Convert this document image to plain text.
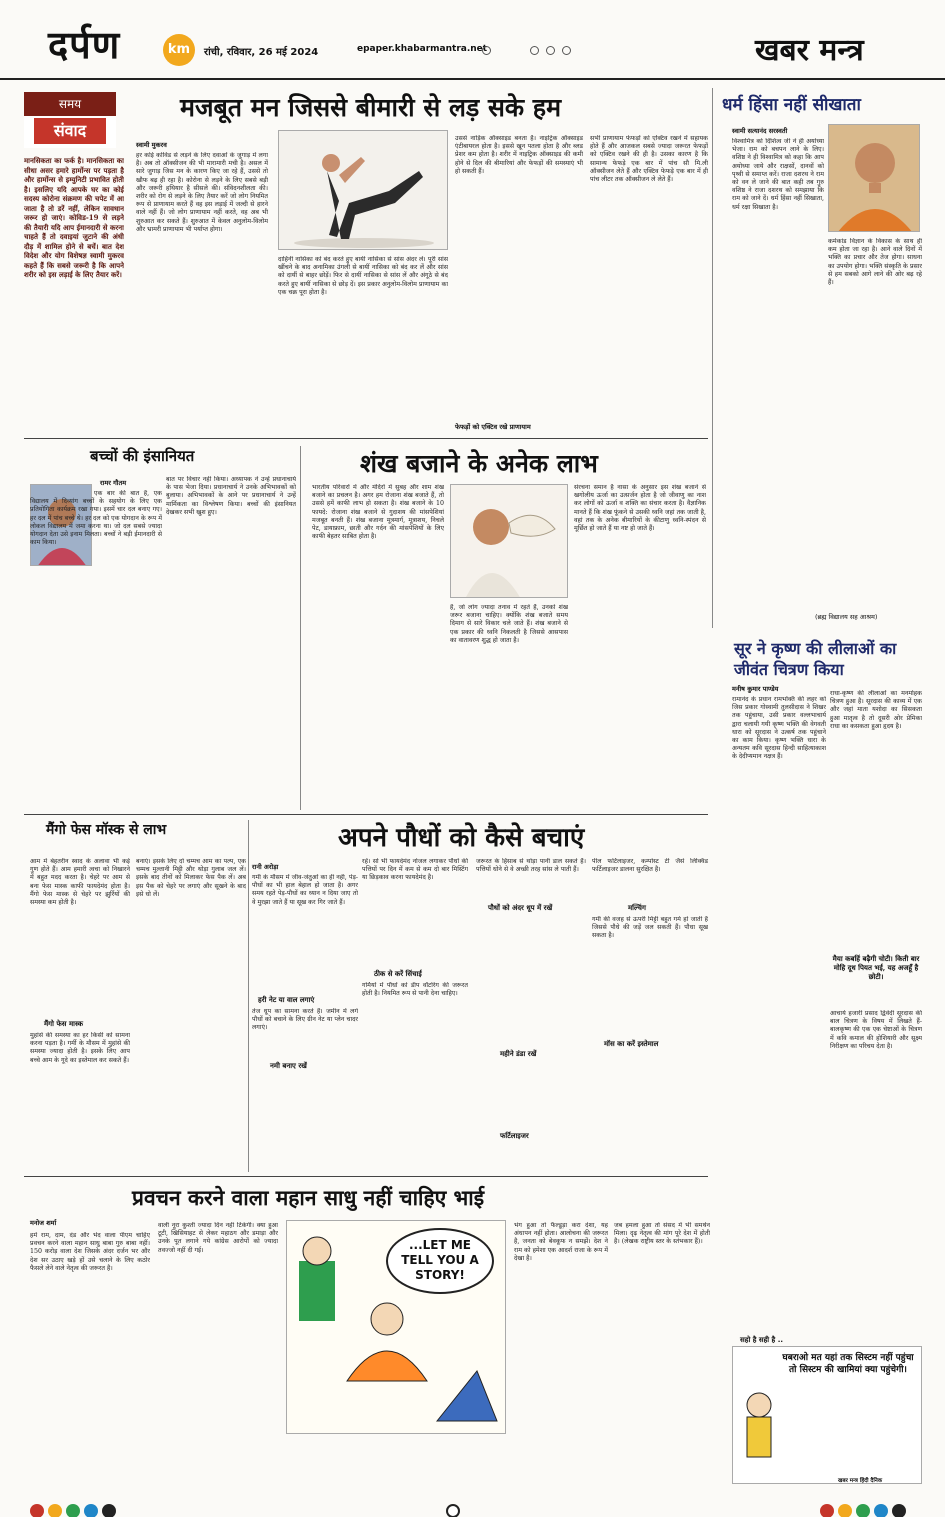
दर्पण	km	रांची, रविवार, 26 मई 2024	epaper.khabarmantra.net	खबर मन्त्र
समय
संवाद
मानसिकता का फर्क है। मानसिकता का सीधा असर हमारे हार्मोन्स पर पड़ता है और हार्मोन्स से इम्युनिटी प्रभावित होती है। इसलिए यदि आपके घर का कोई सदस्य कोरोना संक्रमण की चपेट में आ जाता है तो डरें नहीं, लेकिन सावधान जरूर हो जाएं। कोविड-19 से लड़ने की तैयारी यदि आप ईमानदारी से करना चाहते हैं तो दवाइयां जुटाने की अंधी दौड़ में शामिल होने से बचें। बात देश विदेश और योग विशेषज्ञ स्वामी मुकरव कहते हैं कि सबसे जरूरी है कि आपने शरीर को इस लड़ाई के लिए तैयार करें।
मजबूत मन जिससे बीमारी से लड़ सके हम
स्वामी मुकरव
हर कोई कोविड से लड़ने के लिए दवाओं के जुगाड़ में लगा है। अब तो ऑक्सीजन की भी मारामारी मची है। असल में सारे जुगाड़ जिस मन के कारण किए जा रहे हैं, उससे तो खौफ बढ़ ही रहा है। कोरोना से लड़ने के लिए सबसे बड़ी और जरूरी हथियार है सीसले की। संविदनशीलता की। शरीर को रोग से लड़ने के लिए तैयार करें जो लोग नियमित रूप से प्राणायाम करते हैं वह इस लड़ाई में जल्दी से हारने वाले नहीं हैं। जो लोग प्राणायाम नहीं करते, वह अब भी शुरुआत कर सकते हैं। शुरुआत में केवल अनुलोम-विलोम और भ्रामरी प्राणायाम भी पर्याप्त होगा।
दाहिनी नासिका को बंद करते हुए बायीं नासिका से सांस अंदर लें। पूरी सांस खींचने के बाद अनामिका उंगली से बायीं नासिका को बंद कर लें और सांस को दायीं से बाहर छोड़ें। फिर से दायीं नासिका से सांस लें और अंगूठे से बंद करते हुए बायीं नासिका से छोड़ दें। इस प्रकार अनुलोम-विलोम प्राणायाम का एक चक्र पूरा होता है।
उससे नाड़िक ऑक्साइड बनता है। नाइट्रिक ऑक्साइड एंटीबायरल होता है। इससे खून पतला होता है और ब्लड प्रेशर कम होता है। शरीर में नाइट्रिक ऑक्साइड की कमी होने से दिल की बीमारियां और फेफड़ों की समस्याएं भी हो सकती हैं।
सभी प्राणायाम फेफड़ों को एक्टिव रखने में सहायक होते हैं और आजकल सबसे ज्यादा जरूरत फेफड़ों को एक्टिव रखने की ही है। उसका कारण है कि सामान्य फेफड़े एक बार में पांच सौ मि.ली ऑक्सीजन लेते हैं और एक्टिव फेफड़े एक बार में ही पांच लीटर तक ऑक्सीजन ले लेते हैं।
फेफड़ों को एक्टिव रखे प्राणायाम
धर्म हिंसा नहीं सीखाता
स्वामी सत्यानंद सरस्वती
विश्वामित्र को दिशित्व जी ने ही अयोध्या भेजा। राम को बचपन लाने के लिए। वशिष्ठ ने ही विश्वामित्र को कहा कि आप अयोध्या जाये और राक्षसों, दानवों को पृथ्वी से समाप्त करें। राजा दशरथ ने राम को वन ले जाने की बात कही तब गुरु वशिष्ठ ने राजा दशरथ को समझाया कि राम को जाने दें। धर्म हिंसा नहीं सिखाता, धर्म रक्षा सिखाता है।
कर्मकांड विज्ञान के विकास के साथ ही कम होता जा रहा है। आने वाले दिनों में भक्ति का प्रचार और तेज होगा। साधना का उपयोग होगा। भक्ति संस्कृति के प्रसार से हम सबको आगे लाने की ओर बढ़ रहे हैं।
(ब्रह्म विद्यालय सह आश्रम)
बच्चों की इंसानियत
रामर गौतम
एक बार की बात है, एक विद्यालय में दिव्यांग बच्चों के सहयोग के लिए एक प्रतियोगिता कार्यक्रम रखा गया। इसमें चार दल बनाए गए। हर दल में पांच बच्चे थे। हर दल को एक योगदान के रूप में लोकल विद्यालय में जमा करना था। जो दल सबसे ज्यादा योगदान देता उसे इनाम मिलता। बच्चों ने बड़ी ईमानदारी से काम किया।
बात पर विचार नहीं किया। अध्यापक ने उन्हें प्रधानाचार्य के पास भेजा दिया। प्रधानाचार्य ने उनके अभिभावकों को बुलाया। अभिभावकों के आने पर प्रधानाचार्य ने उन्हें मार्मिकता का विश्लेषण किया। बच्चों की इंसानियत देखकर सभी खुश हुए।
शंख बजाने के अनेक लाभ
भारतीय परिवारों में और मंदिरों में सुबह और शाम शंख बजाने का प्रचलन है। अगर हम रोजाना शंख बजाते हैं, तो उससे हमें काफी लाभ हो सकता है। शंख बजाने के 10 फायदे: रोजाना शंख बजाने से गुदाशय की मांसपेशियां मजबूत बनती हैं। शंख बजाना मूत्रमार्ग, मूत्राशय, निचले पेट, डायाफ्राम, छाती और गर्दन की मांसपेशियों के लिए काफी बेहतर साबित होता है।
है, जो लोग ज्यादा तनाव में रहते हैं, उनको शंख जरूर बजाना चाहिए। क्योंकि शंख बजाते समय दिमाग से सारे विकार चले जाते हैं। शंख बजाने से एक प्रकार की ध्वनि निकलती है जिससे आसपास का वातावरण शुद्ध हो जाता है।
संरचना समान है नासा के अनुसार इस शंख बजाने से खगोलीय ऊर्जा का उत्सर्जन होता है जो जीवाणु का नाश कर लोगों को ऊर्जा व शक्ति का संचार करता है। वैज्ञानिक मानते हैं कि शंख फूंकने से उसकी ध्वनि जहां तक जाती है, वहां तक के अनेक बीमारियों के कीटाणु ध्वनि-स्पंदन से मूर्छित हो जाते हैं या नष्ट हो जाते हैं।
सूर ने कृष्ण की लीलाओं का जीवंत चित्रण किया
मनीष कुमार पाण्डेय
रामानंद के प्रधान रामभक्ति की लहर को जिस प्रकार गोस्वामी तुलसीदास ने शिखर तक पहुंचाया, उसी प्रकार वल्लभाचार्य द्वारा चलायी गयी कृष्ण भक्ति की वेगवती धारा को सूरदास ने उत्कर्ष तक पहुंचाने का काम किया। कृष्ण भक्ति धारा के अन्यतम कवि सूरदास हिन्दी साहित्याकाश के देदीप्यमान नक्षत्र हैं।
राधा-कृष्ण की लीलाओं का मनमोहक चित्रण हुआ है। सूरदास की काव्य में एक और जहां माता यशोदा का सिसकता हुआ मातृत्व है तो दूसरी ओर प्रेमिका राधा का कसकता हुआ हृदय है।
मैया कबहिं बढ़ैगी चोटी। किती बार मोहि दूध पियत भई, यह अजहूँ है छोटी।
आचार्य हजारी प्रसाद द्विवेदी सूरदास की बाल चित्रण के विषय में लिखते हैं- बालकृष्ण की एक एक चेष्टाओं के चित्रण में कवि कमाल की होशियारी और सूक्ष्म निरीक्षण का परिचय देता है।
मैंगो फेस मॉस्क से लाभ
आम में बेहतरीन स्वाद के अलावा भी कई गुण होते हैं। आम हमारी त्वचा को निखारने में बहुत मदद करता है। चेहरे पर आम से बना फेस मास्क काफी फायदेमंद होता है। मैंगो फेस मास्क से चेहरे पर झुर्रियों की समस्या कम होती है।
मैंगो फेस मास्क
मुहांसे की समस्या का हर किसी को सामना करना पड़ता है। गर्मी के मौसम में मुहांसे की समस्या ज्यादा होती है। इसके लिए आप बच्चे आम के गूदे का इस्तेमाल कर सकते हैं।
बनाएं। इसके लिए दो चम्मच आम का पल्प, एक चम्मच मुल्तानी मिट्टी और थोड़ा गुलाब जल लें। इसके बाद तीनों को मिलाकर फेस पैक लें। अब इस पैक को चेहरे पर लगाएं और सूखने के बाद इसे धो लें।
अपने पौधों को कैसे बचाएं
रानी अरोड़ा
गर्मी के मौसम में जीव-जंतुओं का ही नहीं, पेड़-पौधों का भी हाल बेहाल हो जाता है। अगर समय रहते पेड़-पौधों का ध्यान न दिया जाए तो वे मुरझा जाते हैं या सूख कर गिर जाते हैं।
हरी नेट या वाल लगाएं
तेज धूप का सामना करते हैं। जमीन में लगे पौधों को बचाने के लिए ग्रीन नेट या प्लेन चादर लगाएं।
नमी बनाए रखें
रहें। सो भी फायदेमंद नोजल लगाकर पौधों की पत्तियों पर दिन में कम से कम दो बार मिस्टिंग या छिड़काव करना फायदेमंद है।
ठीक से करें सिंचाई
गर्मियों में पौधों को डीप वॉटरिंग की जरूरत होती है। नियमित रूप से पानी देना चाहिए।
जरूरत के हिसाब से थोड़ा पानी डाल सकते हैं। पत्तियों धोने से वे अच्छी तरह सांस ले पाती हैं।
पौधों को अंदर धूप में रखें
महीने डंडा रखें
फर्टिलाइजर
पील फर्टिलाइजर, कम्पोस्ट टी जैसे लिक्विड फर्टिलाइजर डालना सुरक्षित है।
मल्चिंग
गर्मी की वजह से ऊपरी मिट्टी बहुत गर्म हो जाती है जिससे पौधे की जड़ें जल सकती हैं। पौधा सूख सकता है।
मॉस का करें इस्तेमाल
प्रवचन करने वाला महान साधु नहीं चाहिए भाई
मनोज शर्मा
हमें राम, दाम, दंड और भेद वाला पीएम चाहिए प्रवचन करने वाला महान साधु बाबा गुरु बाबा नहीं। 150 करोड़ वाला देश जिसके अंदर दर्जन भर और देश सर उठाए खड़े हों उसे चलाने के लिए कठोर फैसले लेने वाले नेतृत्व की जरूरत है।
वाली नूरा कुश्ती ज्यादा दिन नहीं टिकेगी। क्या हुआ टूटी, खिसियाहट से लेकर महाठग और डमाड़ा और उनके पूत लगाने गये कांग्रेस आरोपों को ज्यादा तवज्जो नहीं दी गई।	...LET ME TELL YOU A STORY!
भंग हुआ तो फैल्डूड़ा करा देशा, यह अंधापन नहीं होता। आलोचना की जरूरत है, जनता को बेवकूफ न समझें। देश ने राम को हमेशा एक आदर्श राजा के रूप में देखा है।
जब हमला हुआ तो संसद में भी समर्थन मिला। दृढ़ नेतृत्व की मांग पूरे देश में होती है। (लेखक राष्ट्रीय स्तर के स्तंभकार हैं)।
सहो है सही है ..
घबराओ मत यहां तक सिस्टम नहीं पहुंचा तो सिस्टम की खामियां क्या पहुंचेगी।
खबर मन्त्र हिंदी दैनिक
